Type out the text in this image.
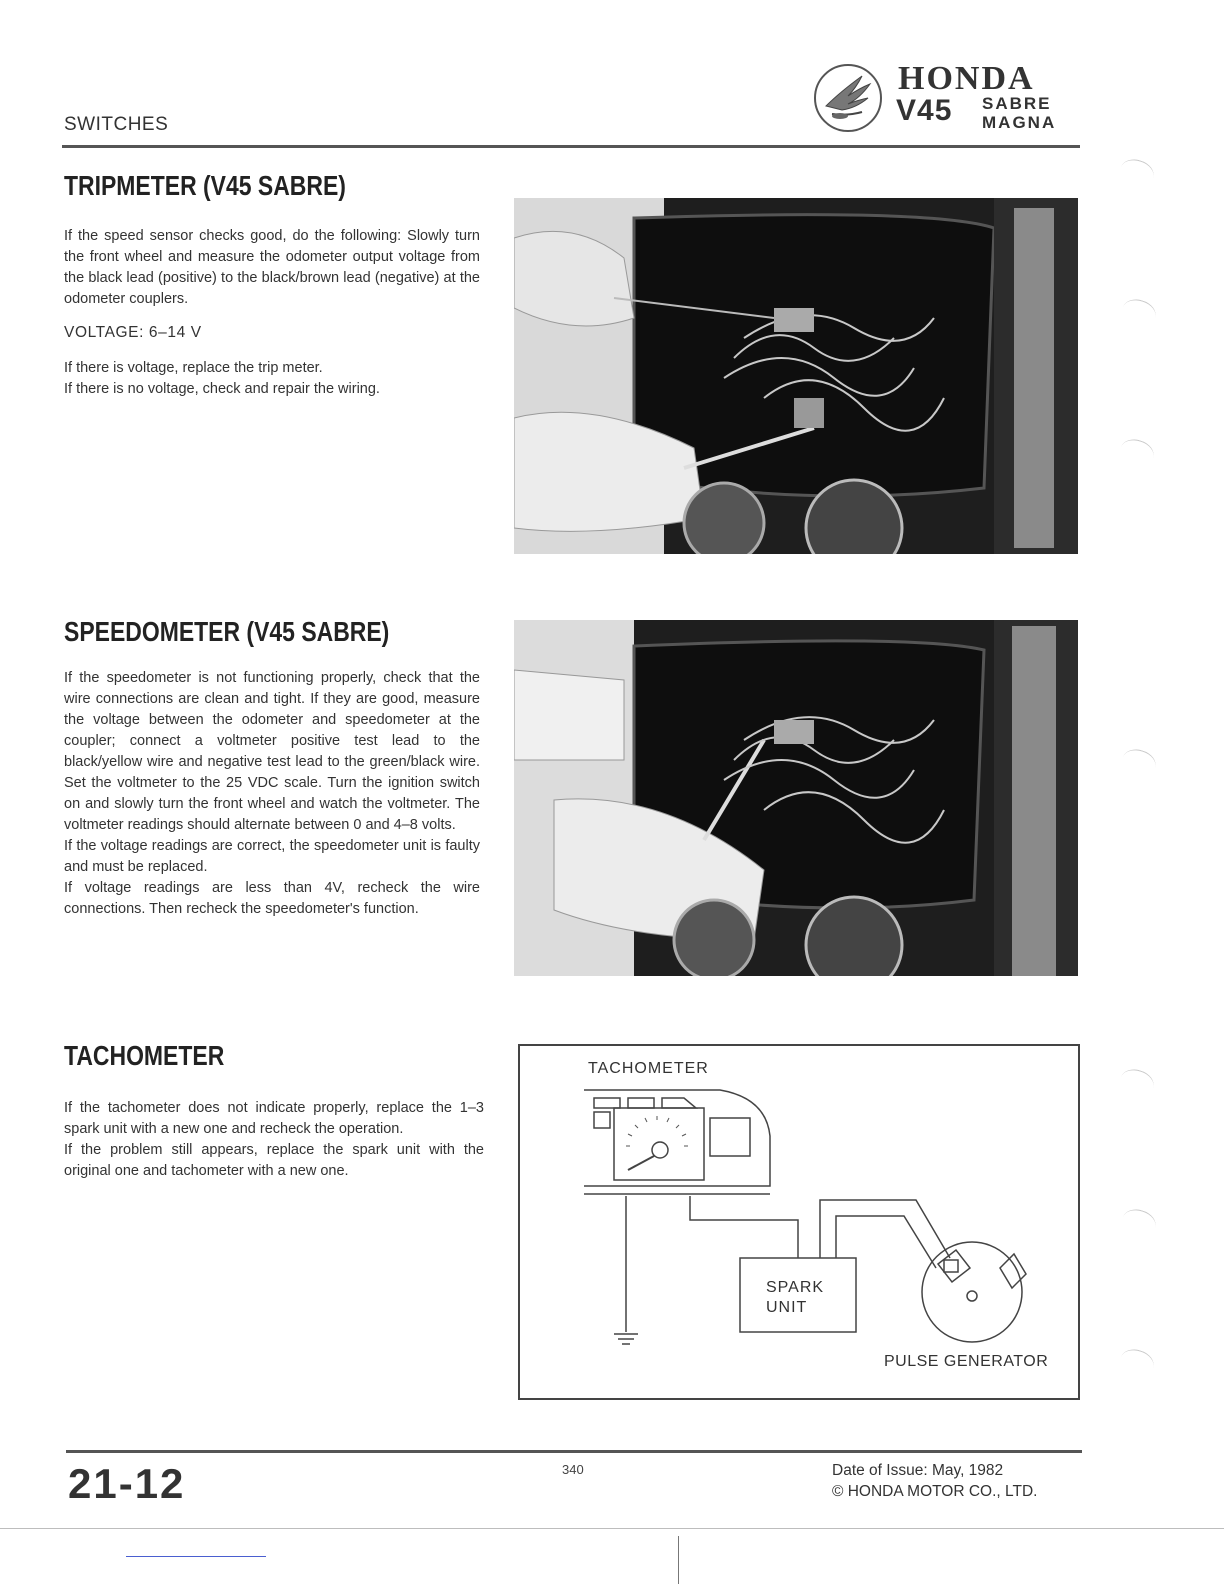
SWITCHES
HONDA
V45 SABRE
MAGNA
TRIPMETER (V45 SABRE)

If the speed sensor checks good, do the following: Slowly turn the front wheel and measure the odometer output voltage from the black lead (positive) to the black/brown lead (negative) at the odometer couplers.

VOLTAGE: 6–14 V

If there is voltage, replace the trip meter.

If there is no voltage, check and repair the wiring.

SPEEDOMETER (V45 SABRE)

If the speedometer is not functioning properly, check that the wire connections are clean and tight. If they are good, measure the voltage between the odometer and speedometer at the coupler; connect a voltmeter positive test lead to the black/yellow wire and negative test lead to the green/black wire. Set the voltmeter to the 25 VDC scale. Turn the ignition switch on and slowly turn the front wheel and watch the voltmeter. The voltmeter readings should alternate between 0 and 4–8 volts.

If the voltage readings are correct, the speedometer unit is faulty and must be replaced.

If voltage readings are less than 4V, recheck the wire connections. Then recheck the speedometer's function.

TACHOMETER

If the tachometer does not indicate properly, replace the 1–3 spark unit with a new one and recheck the operation.

If the problem still appears, replace the spark unit with the original one and tachometer with a new one.

TACHOMETER
SPARK
UNIT
PULSE GENERATOR
21-12	340	Date of Issue: May, 1982
© HONDA MOTOR CO., LTD.
